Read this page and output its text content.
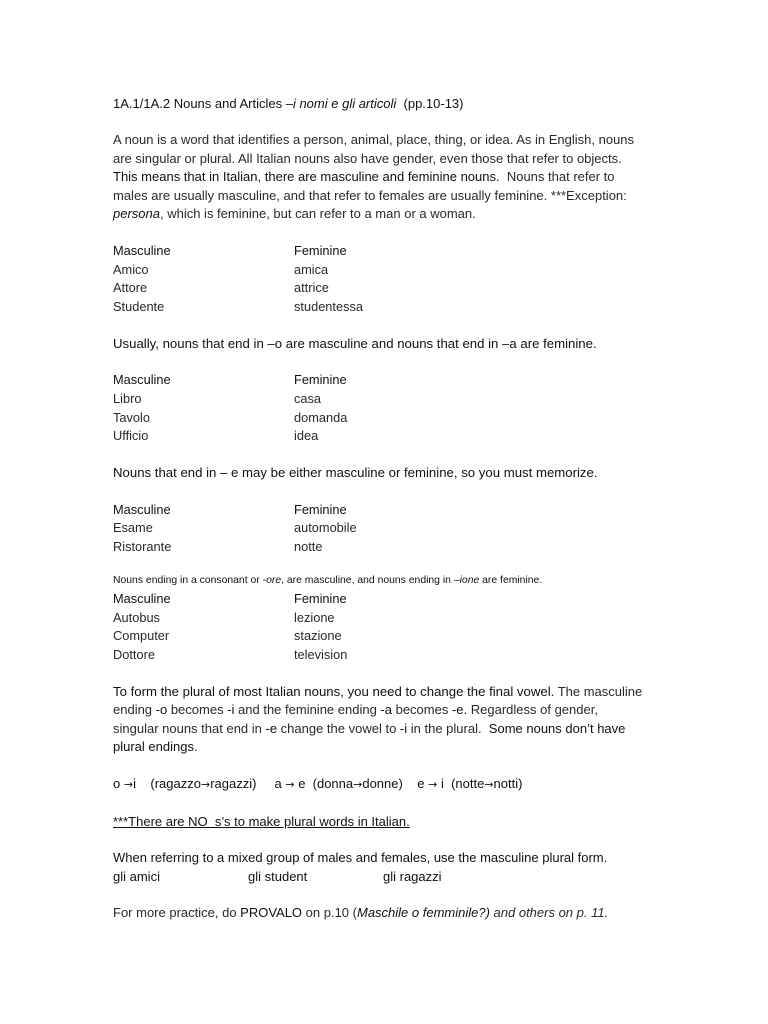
1A.1/1A.2 Nouns and Articles –i nomi e gli articoli  (pp.10-13)
A noun is a word that identifies a person, animal, place, thing, or idea. As in English, nouns
are singular or plural. All Italian nouns also have gender, even those that refer to objects.
This means that in Italian, there are masculine and feminine nouns.  Nouns that refer to
males are usually masculine, and that refer to females are usually feminine. ***Exception:
persona, which is feminine, but can refer to a man or a woman.
Masculine	Feminine
Amico	amica
Attore	attrice
Studente	studentessa
Usually, nouns that end in –o are masculine and nouns that end in –a are feminine.
Masculine	Feminine
Libro	casa
Tavolo	domanda
Ufficio	idea
Nouns that end in – e may be either masculine or feminine, so you must memorize.
Masculine	Feminine
Esame	automobile
Ristorante	notte
Nouns ending in a consonant or -ore, are masculine, and nouns ending in –ione are feminine.
Masculine	Feminine
Autobus	lezione
Computer	stazione
Dottore	television
To form the plural of most Italian nouns, you need to change the final vowel. The masculine
ending -o becomes -i and the feminine ending -a becomes -e. Regardless of gender,
singular nouns that end in -e change the vowel to -i in the plural.  Some nouns don’t have
plural endings.
o →i    (ragazzo→ragazzi)     a → e  (donna→donne)    e → i  (notte→notti)
***There are NO  s’s to make plural words in Italian.
When referring to a mixed group of males and females, use the masculine plural form.
gli amici	gli student	gli ragazzi
For more practice, do PROVALO on p.10 (Maschile o femminile?) and others on p. 11.
